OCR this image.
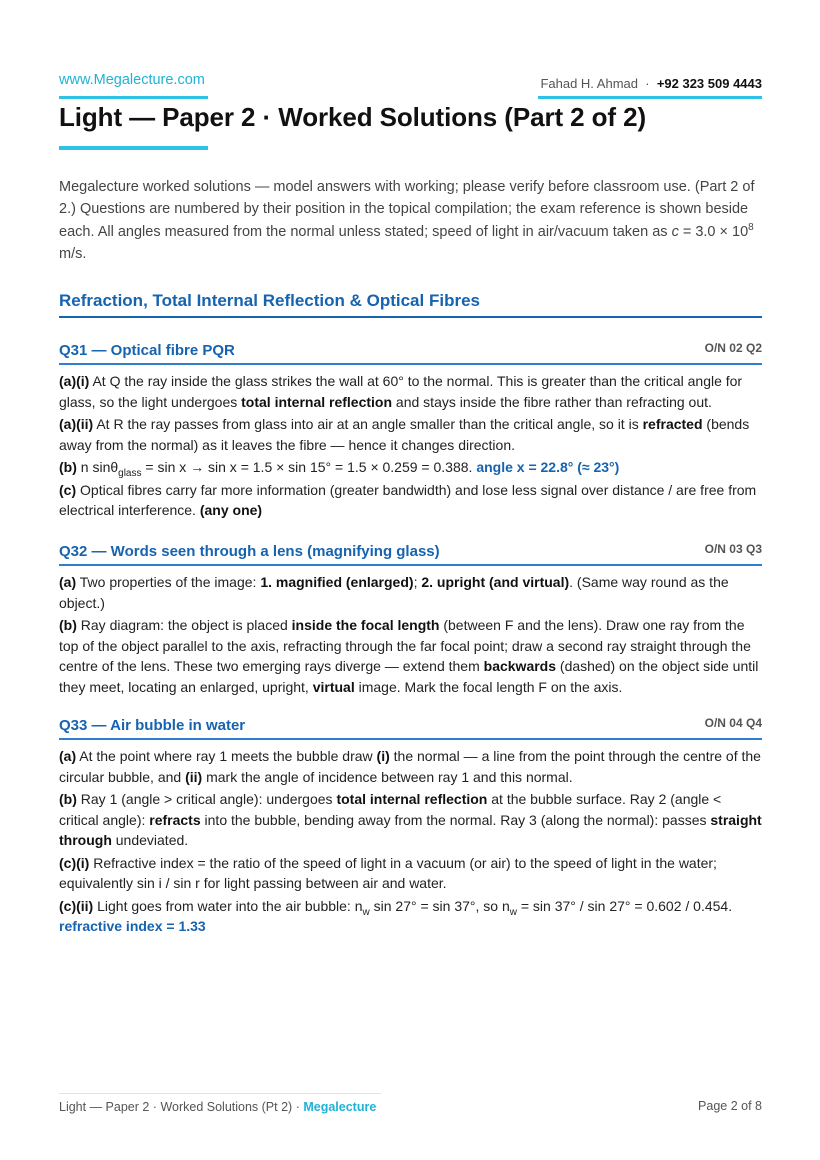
www.Megalecture.com	Fahad H. Ahmad · +92 323 509 4443
Light — Paper 2 · Worked Solutions (Part 2 of 2)

Megalecture worked solutions — model answers with working; please verify before classroom use. (Part 2 of 2.) Questions are numbered by their position in the topical compilation; the exam reference is shown beside each. All angles measured from the normal unless stated; speed of light in air/vacuum taken as $c = 3.0 \times 10^8$ m/s.

Refraction, Total Internal Reflection & Optical Fibres
Q31 — Optical fibre PQR	O/N 02 Q2

(a)(i) At Q the ray inside the glass strikes the wall at 60° to the normal. This is greater than the critical angle for glass, so the light undergoes total internal reflection and stays inside the fibre rather than refracting out.

(a)(ii) At R the ray passes from glass into air at an angle smaller than the critical angle, so it is refracted (bends away from the normal) as it leaves the fibre — hence it changes direction.

(b) n sinθ$_{glass}$ = sin x → sin x = 1.5 × sin 15° = 1.5 × 0.259 = 0.388. angle x = 22.8° (≈ 23°)

(c) Optical fibres carry far more information (greater bandwidth) and lose less signal over distance / are free from electrical interference. (any one)

Q32 — Words seen through a lens (magnifying glass)	O/N 03 Q3

(a) Two properties of the image: 1. magnified (enlarged); 2. upright (and virtual). (Same way round as the object.)

(b) Ray diagram: the object is placed inside the focal length (between F and the lens). Draw one ray from the top of the object parallel to the axis, refracting through the far focal point; draw a second ray straight through the centre of the lens. These two emerging rays diverge — extend them backwards (dashed) on the object side until they meet, locating an enlarged, upright, virtual image. Mark the focal length F on the axis.

Q33 — Air bubble in water	O/N 04 Q4

(a) At the point where ray 1 meets the bubble draw (i) the normal — a line from the point through the centre of the circular bubble, and (ii) mark the angle of incidence between ray 1 and this normal.

(b) Ray 1 (angle > critical angle): undergoes total internal reflection at the bubble surface. Ray 2 (angle < critical angle): refracts into the bubble, bending away from the normal. Ray 3 (along the normal): passes straight through undeviated.

(c)(i) Refractive index = the ratio of the speed of light in a vacuum (or air) to the speed of light in the water; equivalently sin i / sin r for light passing between air and water.

(c)(ii) Light goes from water into the air bubble: $n_w$ sin 27° = sin 37°, so $n_w = \sin 37^\circ / \sin 27^\circ = 0.602 / 0.454$. refractive index = 1.33

Light — Paper 2 · Worked Solutions (Pt 2) · Megalecture	Page 2 of 8
